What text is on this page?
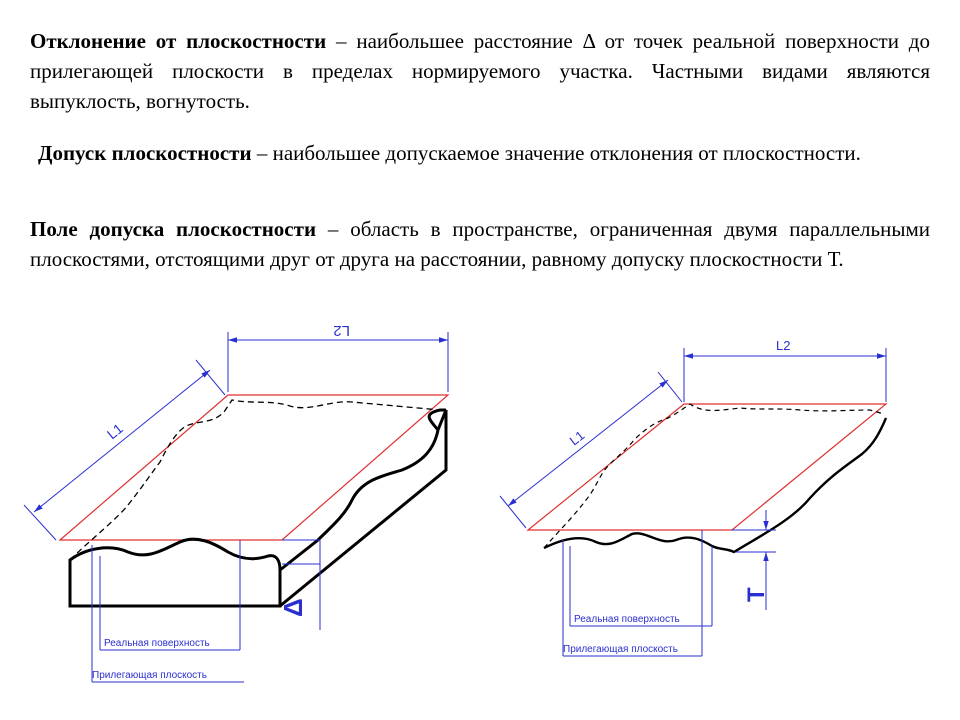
Отклонение от плоскостности – наибольшее расстояние Δ от точек реальной поверхности до прилегающей плоскости в пределах нормируемого участка. Частными видами являются выпуклость, вогнутость.

Допуск плоскостности – наибольшее допускаемое значение отклонения от плоскостности.

Поле допуска плоскостности – область в пространстве, ограниченная двумя параллельными плоскостями, отстоящими друг от друга на расстоянии, равному допуску плоскостности Т.

L1
L2
Δ
Реальная поверхность
Прилегающая плоскость
L1
L2
T
Реальная поверхность
Прилегающая плоскость
